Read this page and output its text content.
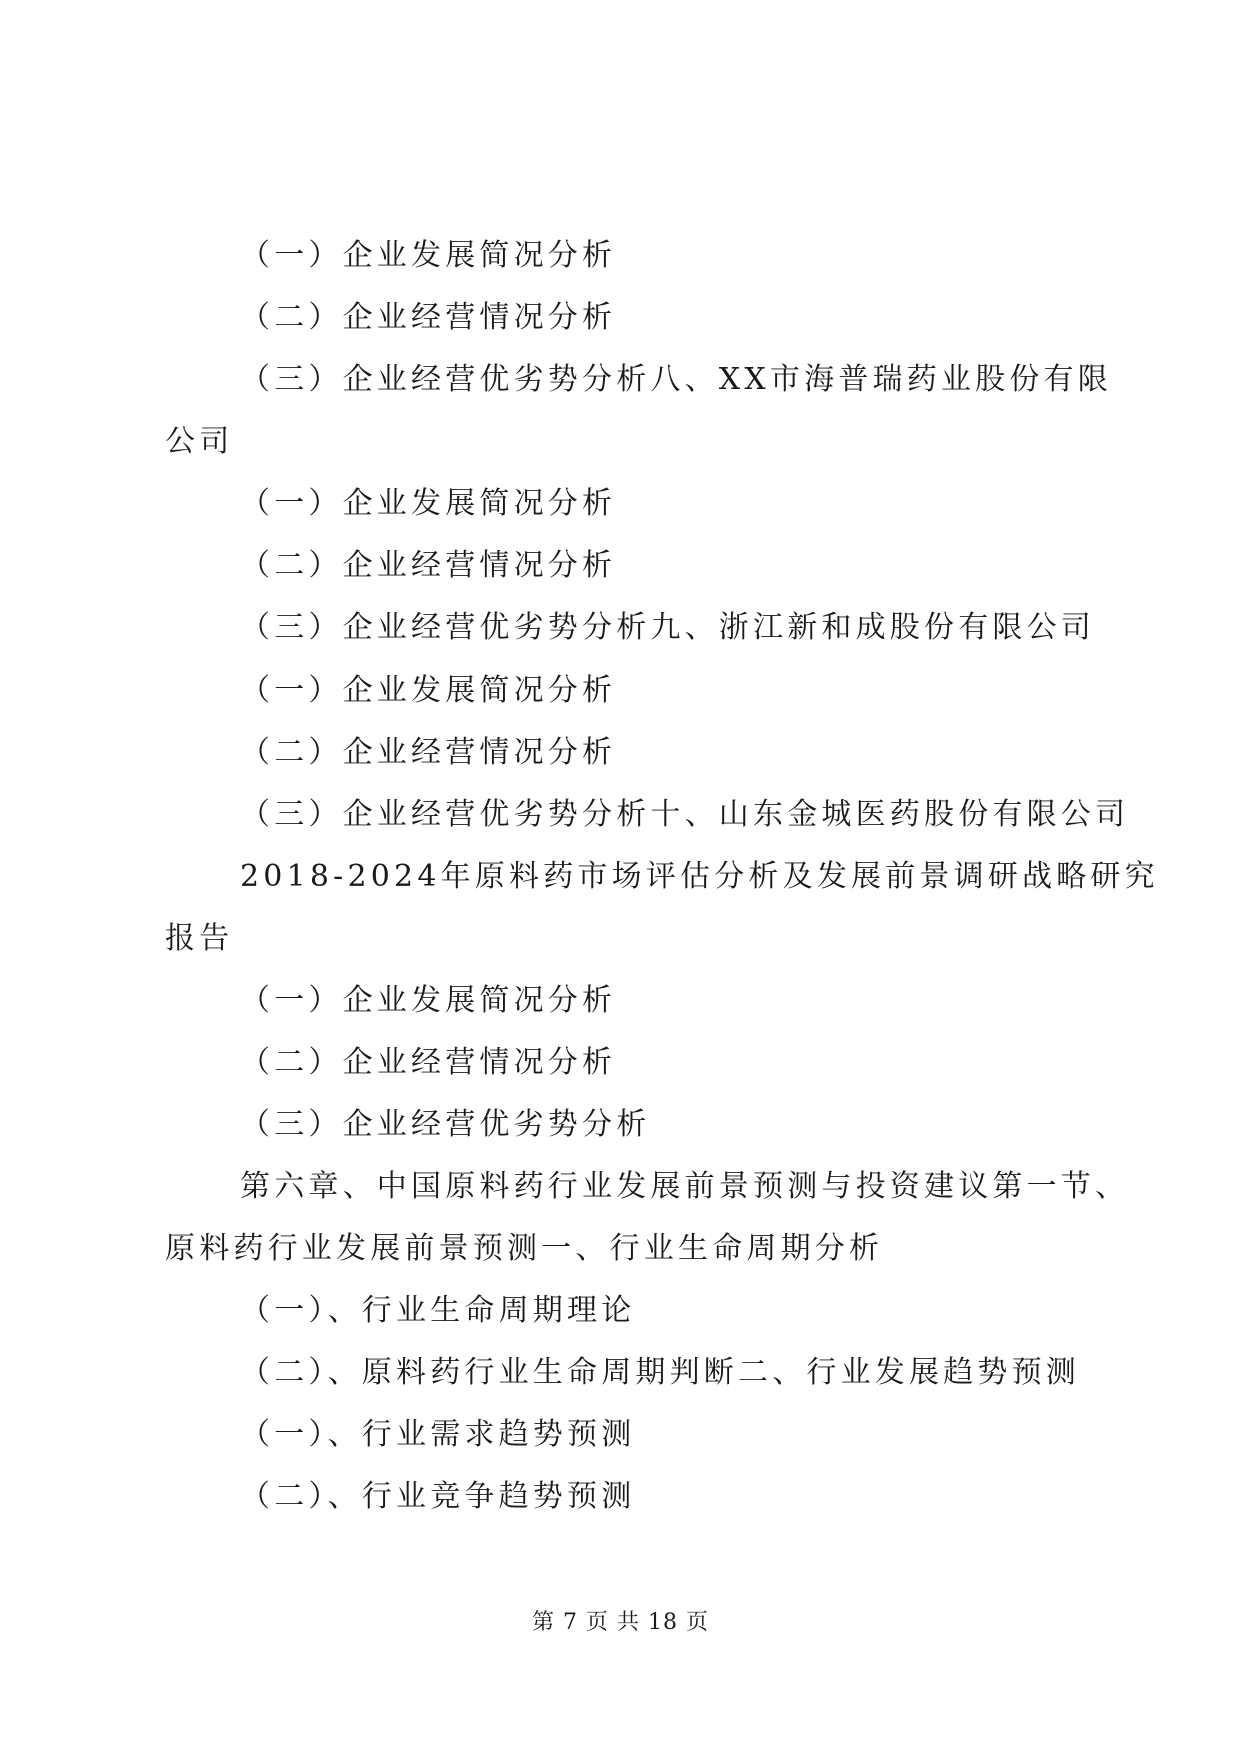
（一）企业发展简况分析
（二）企业经营情况分析
（三）企业经营优劣势分析八、XX市海普瑞药业股份有限
公司
（一）企业发展简况分析
（二）企业经营情况分析
（三）企业经营优劣势分析九、浙江新和成股份有限公司
（一）企业发展简况分析
（二）企业经营情况分析
（三）企业经营优劣势分析十、山东金城医药股份有限公司
2018-2024年原料药市场评估分析及发展前景调研战略研究
报告
（一）企业发展简况分析
（二）企业经营情况分析
（三）企业经营优劣势分析
第六章、中国原料药行业发展前景预测与投资建议第一节、
原料药行业发展前景预测一、行业生命周期分析
（一）、行业生命周期理论
（二）、原料药行业生命周期判断二、行业发展趋势预测
（一）、行业需求趋势预测
（二）、行业竞争趋势预测
第 7 页 共 18 页
